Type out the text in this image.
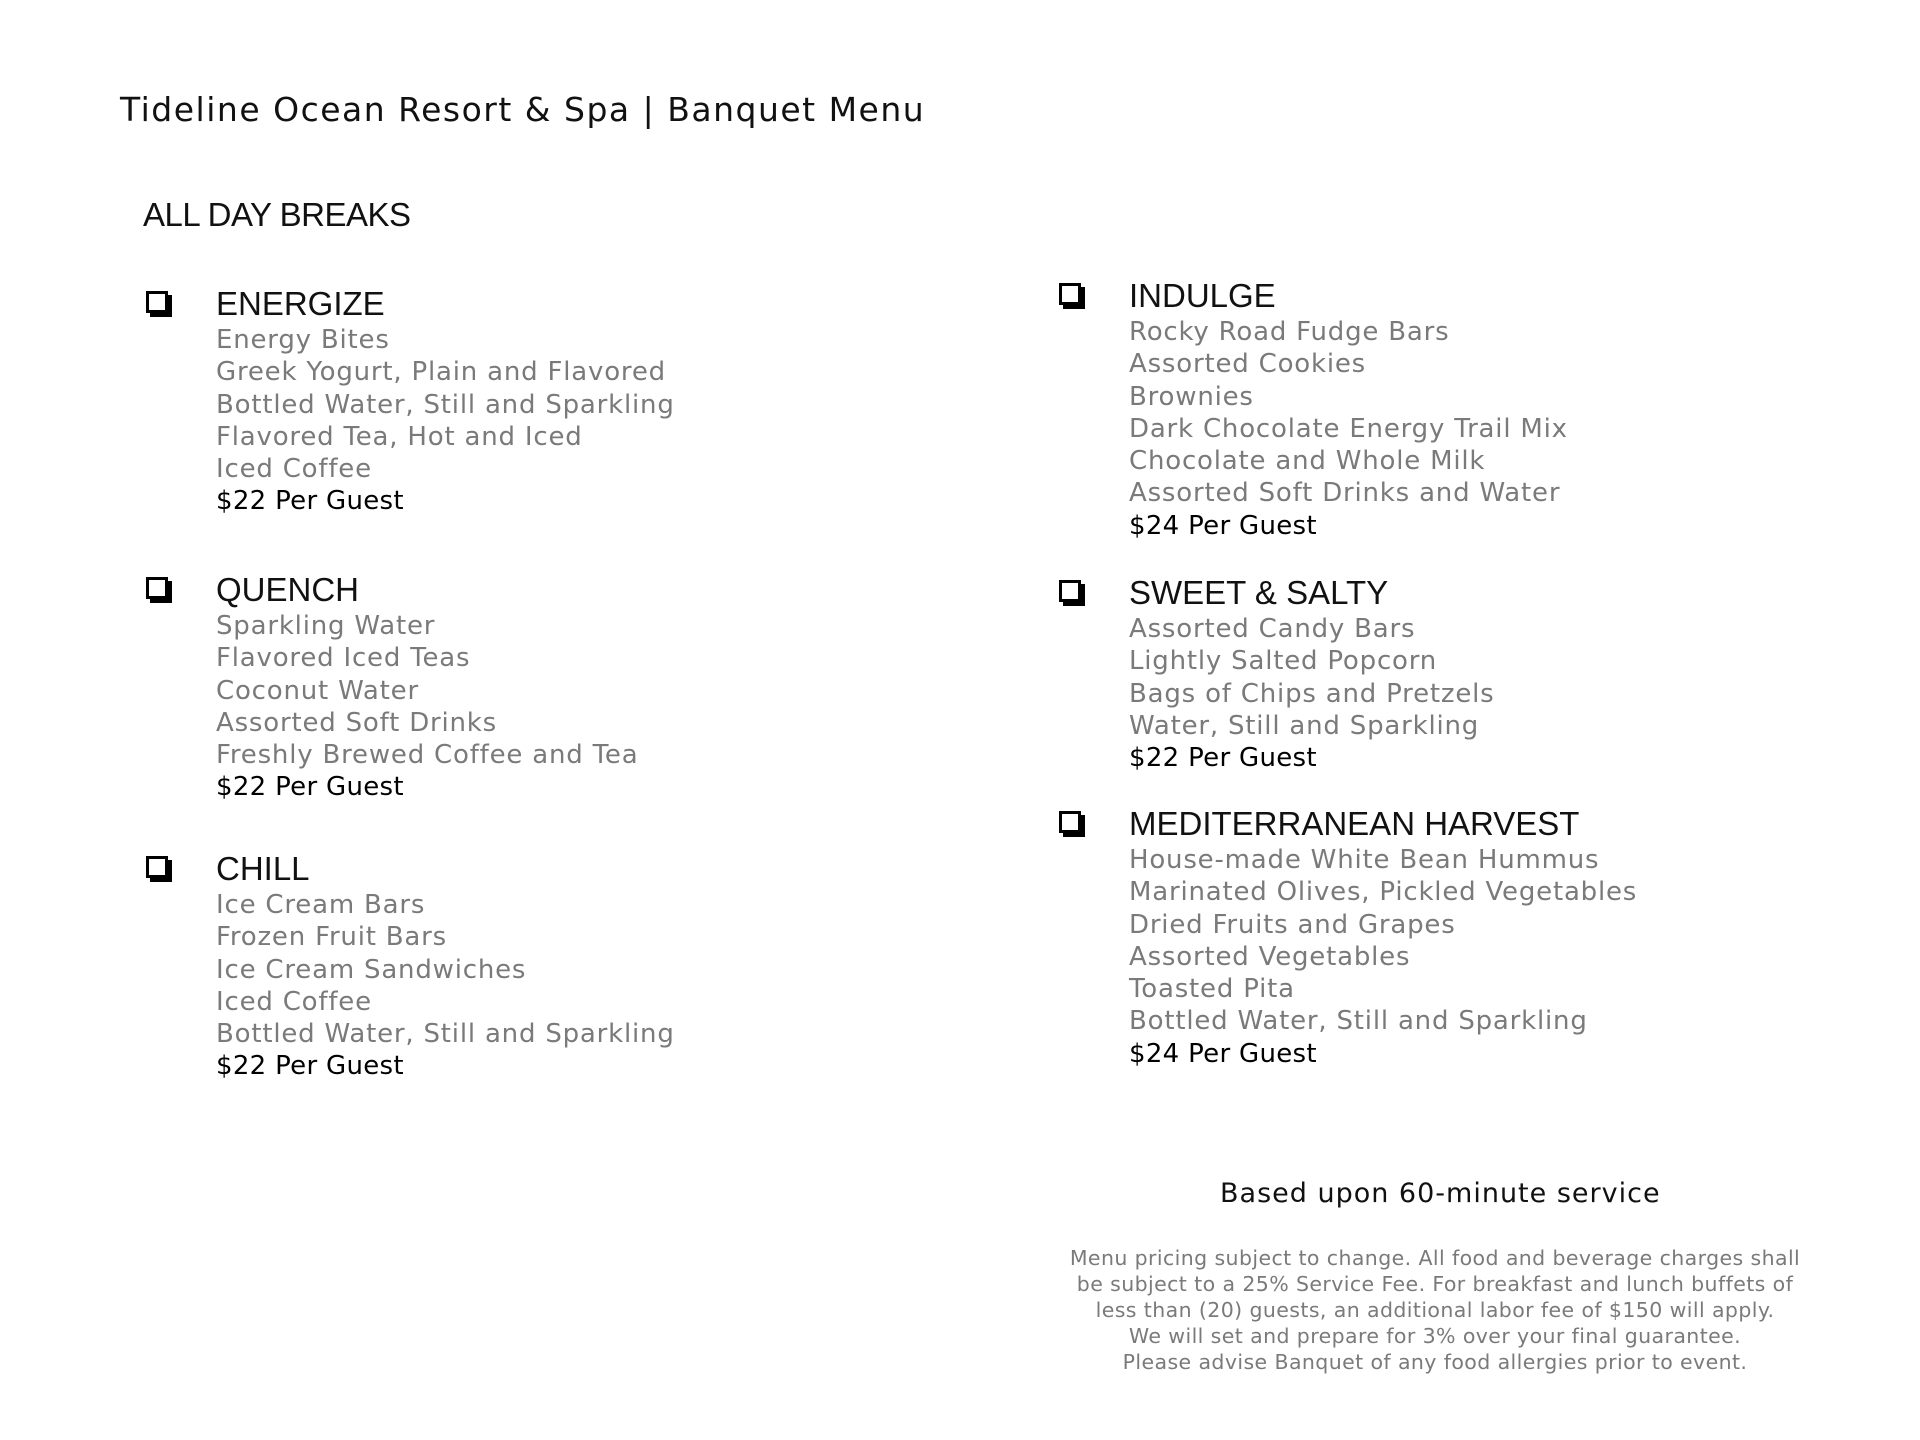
Tideline Ocean Resort & Spa | Banquet Menu
ALL DAY BREAKS
ENERGIZE
Energy Bites
Greek Yogurt, Plain and Flavored
Bottled Water, Still and Sparkling
Flavored Tea, Hot and Iced
Iced Coffee
$22 Per Guest
QUENCH
Sparkling Water
Flavored Iced Teas
Coconut Water
Assorted Soft Drinks
Freshly Brewed Coffee and Tea
$22 Per Guest
CHILL
Ice Cream Bars
Frozen Fruit Bars
Ice Cream Sandwiches
Iced Coffee
Bottled Water, Still and Sparkling
$22 Per Guest
INDULGE
Rocky Road Fudge Bars
Assorted Cookies
Brownies
Dark Chocolate Energy Trail Mix
Chocolate and Whole Milk
Assorted Soft Drinks and Water
$24 Per Guest
SWEET & SALTY
Assorted Candy Bars
Lightly Salted Popcorn
Bags of Chips and Pretzels
Water, Still and Sparkling
$22 Per Guest
MEDITERRANEAN HARVEST
House-made White Bean Hummus
Marinated Olives, Pickled Vegetables
Dried Fruits and Grapes
Assorted Vegetables
Toasted Pita
Bottled Water, Still and Sparkling
$24 Per Guest
Based upon 60-minute service
Menu pricing subject to change. All food and beverage charges shall
be subject to a 25% Service Fee. For breakfast and lunch buffets of
less than (20) guests, an additional labor fee of $150 will apply.
We will set and prepare for 3% over your final guarantee.
Please advise Banquet of any food allergies prior to event.
